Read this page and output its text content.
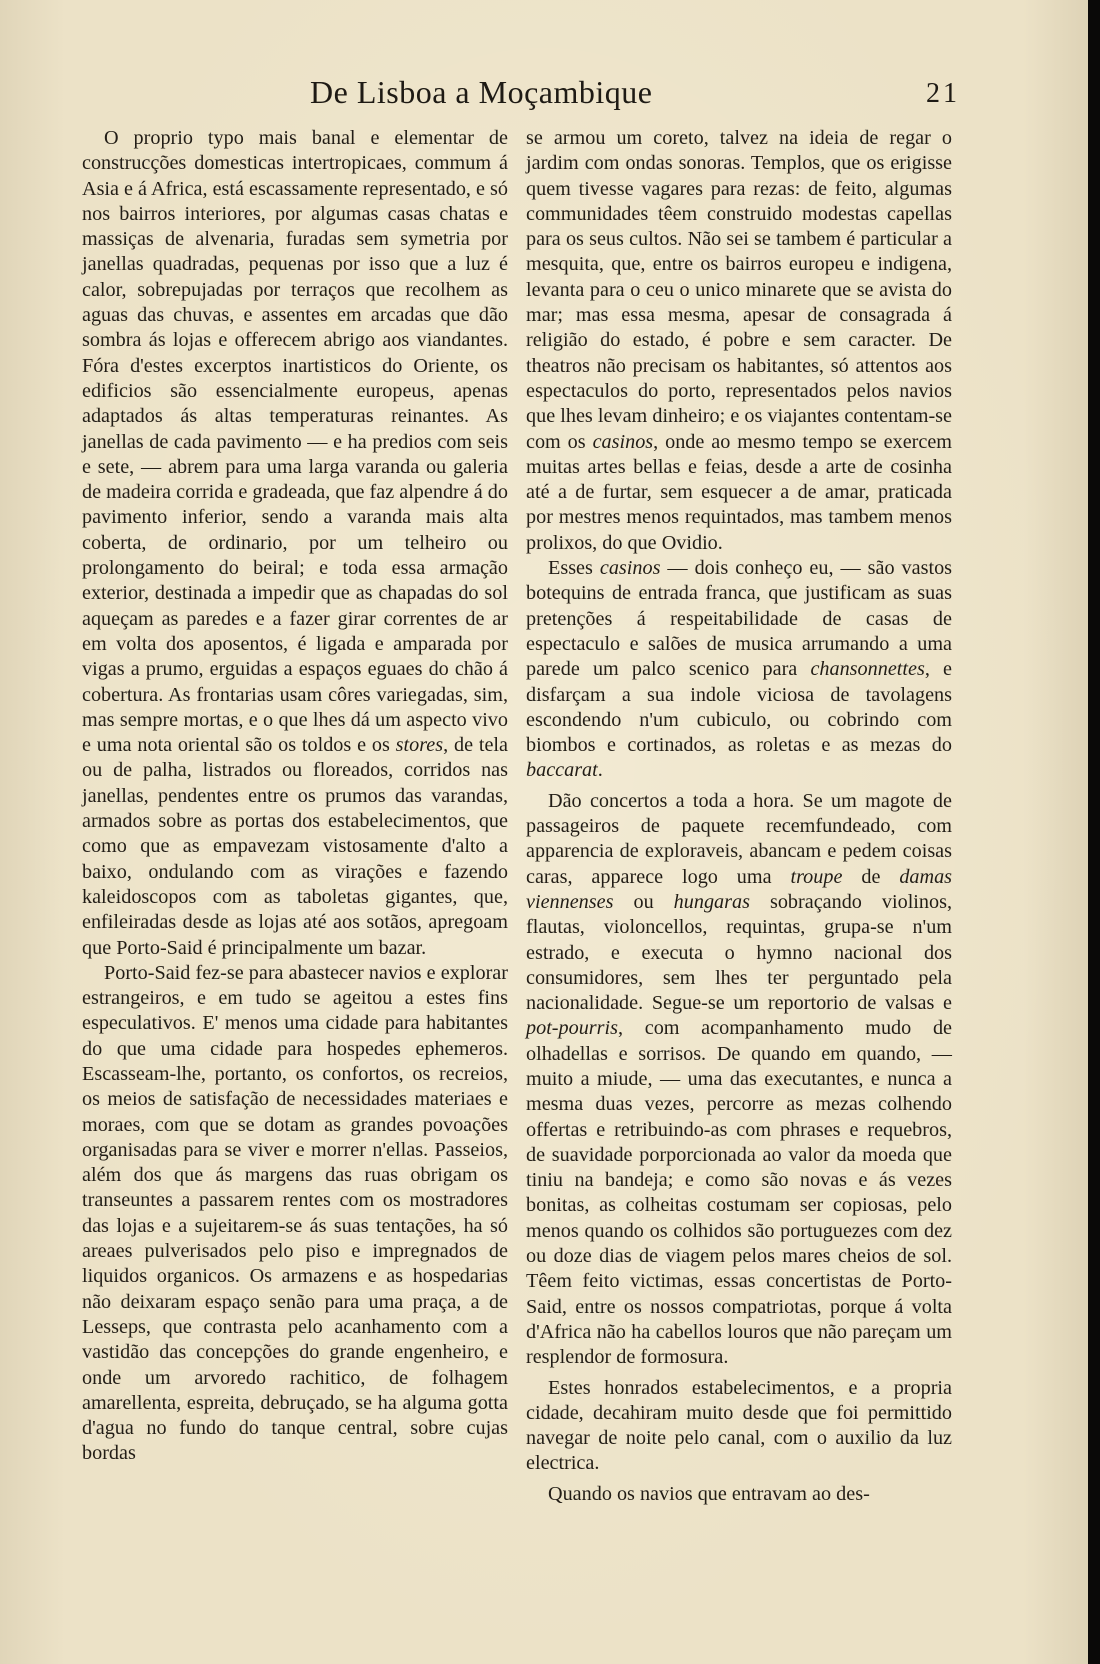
De Lisboa a Moçambique	21

O proprio typo mais banal e elementar de construcções domesticas intertropicaes, commum á Asia e á Africa, está escassamente representado, e só nos bairros interiores, por algumas casas chatas e massiças de alvenaria, furadas sem symetria por janellas quadradas, pequenas por isso que a luz é calor, sobrepujadas por terraços que recolhem as aguas das chuvas, e assentes em arcadas que dão sombra ás lojas e offerecem abrigo aos viandantes. Fóra d'estes excerptos inartisticos do Oriente, os edificios são essencialmente europeus, apenas adaptados ás altas temperaturas reinantes. As janellas de cada pavimento — e ha predios com seis e sete, — abrem para uma larga varanda ou galeria de madeira corrida e gradeada, que faz alpendre á do pavimento inferior, sendo a varanda mais alta coberta, de ordinario, por um telheiro ou prolongamento do beiral; e toda essa armação exterior, destinada a impedir que as chapadas do sol aqueçam as paredes e a fazer girar correntes de ar em volta dos aposentos, é ligada e amparada por vigas a prumo, erguidas a espaços eguaes do chão á cobertura. As frontarias usam côres variegadas, sim, mas sempre mortas, e o que lhes dá um aspecto vivo e uma nota oriental são os toldos e os stores, de tela ou de palha, listrados ou floreados, corridos nas janellas, pendentes entre os prumos das varandas, armados sobre as portas dos estabelecimentos, que como que as empavezam vistosamente d'alto a baixo, ondulando com as virações e fazendo kaleidoscopos com as taboletas gigantes, que, enfileiradas desde as lojas até aos sotãos, apregoam que Porto-Said é principalmente um bazar.

Porto-Said fez-se para abastecer navios e explorar estrangeiros, e em tudo se ageitou a estes fins especulativos. E' menos uma cidade para habitantes do que uma cidade para hospedes ephemeros. Escasseam-lhe, portanto, os confortos, os recreios, os meios de satisfação de necessidades materiaes e moraes, com que se dotam as grandes povoações organisadas para se viver e morrer n'ellas. Passeios, além dos que ás margens das ruas obrigam os transeuntes a passarem rentes com os mostradores das lojas e a sujeitarem-se ás suas tentações, ha só areaes pulverisados pelo piso e impregnados de liquidos organicos. Os armazens e as hospedarias não deixaram espaço senão para uma praça, a de Lesseps, que contrasta pelo acanhamento com a vastidão das concepções do grande engenheiro, e onde um arvoredo rachitico, de folhagem amarellenta, espreita, debruçado, se ha alguma gotta d'agua no fundo do tanque central, sobre cujas bordas

se armou um coreto, talvez na ideia de regar o jardim com ondas sonoras. Templos, que os erigisse quem tivesse vagares para rezas: de feito, algumas communidades têem construido modestas capellas para os seus cultos. Não sei se tambem é particular a mesquita, que, entre os bairros europeu e indigena, levanta para o ceu o unico minarete que se avista do mar; mas essa mesma, apesar de consagrada á religião do estado, é pobre e sem caracter. De theatros não precisam os habitantes, só attentos aos espectaculos do porto, representados pelos navios que lhes levam dinheiro; e os viajantes contentam-se com os casinos, onde ao mesmo tempo se exercem muitas artes bellas e feias, desde a arte de cosinha até a de furtar, sem esquecer a de amar, praticada por mestres menos requintados, mas tambem menos prolixos, do que Ovidio.

Esses casinos — dois conheço eu, — são vastos botequins de entrada franca, que justificam as suas pretenções á respeitabilidade de casas de espectaculo e salões de musica arrumando a uma parede um palco scenico para chansonnettes, e disfarçam a sua indole viciosa de tavolagens escondendo n'um cubiculo, ou cobrindo com biombos e cortinados, as roletas e as mezas do baccarat.

Dão concertos a toda a hora. Se um magote de passageiros de paquete recemfundeado, com apparencia de exploraveis, abancam e pedem coisas caras, apparece logo uma troupe de damas viennenses ou hungaras sobraçando violinos, flautas, violoncellos, requintas, grupa-se n'um estrado, e executa o hymno nacional dos consumidores, sem lhes ter perguntado pela nacionalidade. Segue-se um reportorio de valsas e pot-pourris, com acompanhamento mudo de olhadellas e sorrisos. De quando em quando, — muito a miude, — uma das executantes, e nunca a mesma duas vezes, percorre as mezas colhendo offertas e retribuindo-as com phrases e requebros, de suavidade porporcionada ao valor da moeda que tiniu na bandeja; e como são novas e ás vezes bonitas, as colheitas costumam ser copiosas, pelo menos quando os colhidos são portuguezes com dez ou doze dias de viagem pelos mares cheios de sol. Têem feito victimas, essas concertistas de Porto-Said, entre os nossos compatriotas, porque á volta d'Africa não ha cabellos louros que não pareçam um resplendor de formosura.

Estes honrados estabelecimentos, e a propria cidade, decahiram muito desde que foi permittido navegar de noite pelo canal, com o auxilio da luz electrica.

Quando os navios que entravam ao des-
